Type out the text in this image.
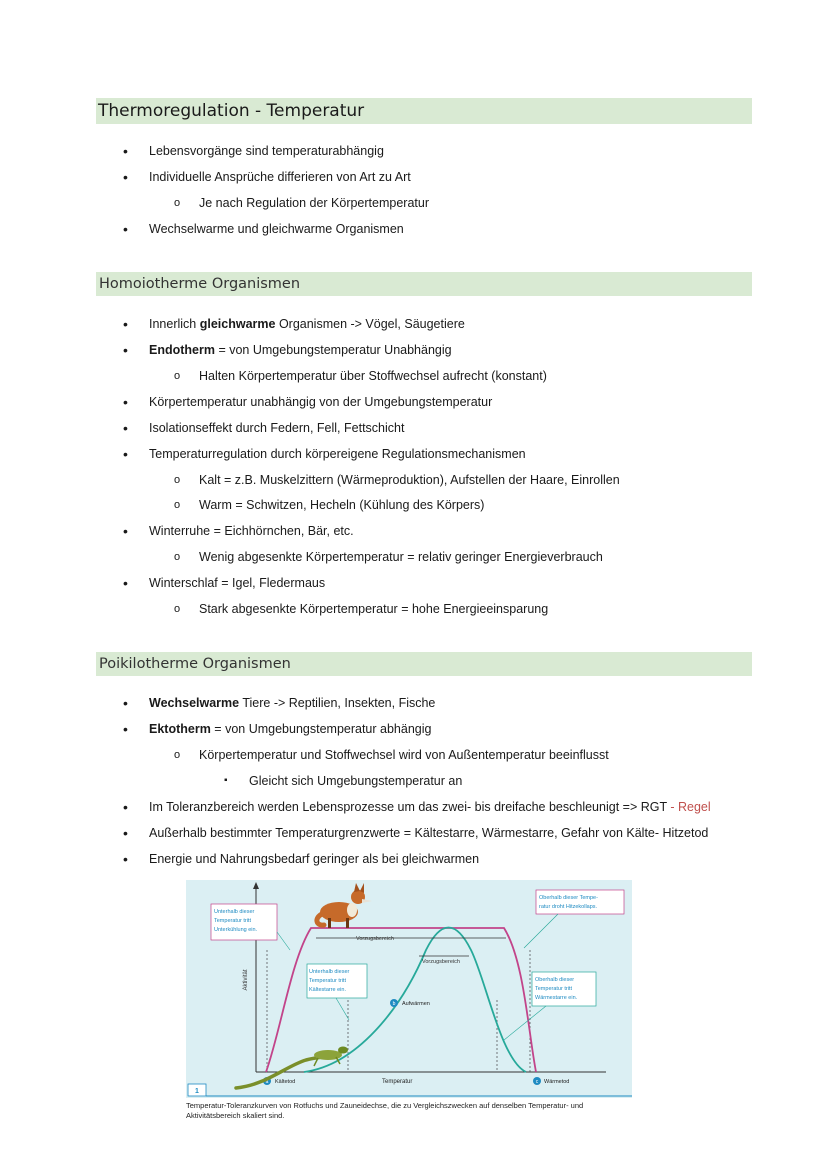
Thermoregulation - Temperatur
• Lebensvorgänge sind temperaturabhängig
• Individuelle Ansprüche differieren von Art zu Art
o Je nach Regulation der Körpertemperatur
• Wechselwarme und gleichwarme Organismen
Homoiotherme Organismen
• Innerlich gleichwarme Organismen -> Vögel, Säugetiere
• Endotherm = von Umgebungstemperatur Unabhängig
o Halten Körpertemperatur über Stoffwechsel aufrecht (konstant)
• Körpertemperatur unabhängig von der Umgebungstemperatur
• Isolationseffekt durch Federn, Fell, Fettschicht
• Temperaturregulation durch körpereigene Regulationsmechanismen
o Kalt = z.B. Muskelzittern (Wärmeproduktion), Aufstellen der Haare, Einrollen
o Warm = Schwitzen, Hecheln (Kühlung des Körpers)
• Winterruhe = Eichhörnchen, Bär, etc.
o Wenig abgesenkte Körpertemperatur = relativ geringer Energieverbrauch
• Winterschlaf = Igel, Fledermaus
o Stark abgesenkte Körpertemperatur = hohe Energieeinsparung
Poikilotherme Organismen
• Wechselwarme Tiere -> Reptilien, Insekten, Fische
• Ektotherm = von Umgebungstemperatur abhängig
o Körpertemperatur und Stoffwechsel wird von Außentemperatur beeinflusst
▪ Gleicht sich Umgebungstemperatur an
• Im Toleranzbereich werden Lebensprozesse um das zwei- bis dreifache beschleunigt => RGT - Regel
• Außerhalb bestimmter Temperaturgrenzwerte = Kältestarre, Wärmestarre, Gefahr von Kälte- Hitzetod
• Energie und Nahrungsbedarf geringer als bei gleichwarmen
Aktivität
Vorzugsbereich
Vorzugsbereich
Unterhalb dieser
Temperatur tritt
Unterkühlung ein.
Unterhalb dieser
Temperatur tritt
Kältestarre ein.
Oberhalb dieser Tempe-
ratur droht Hitzekollaps.
Oberhalb dieser
Temperatur tritt
Wärmestarre ein.
a Kältetod	Temperatur
b Aufwärmen
c Wärmetod
1
Temperatur-Toleranzkurven von Rotfuchs und Zauneidechse, die zu Vergleichszwecken auf denselben Temperatur- und Aktivitätsbereich skaliert sind.
